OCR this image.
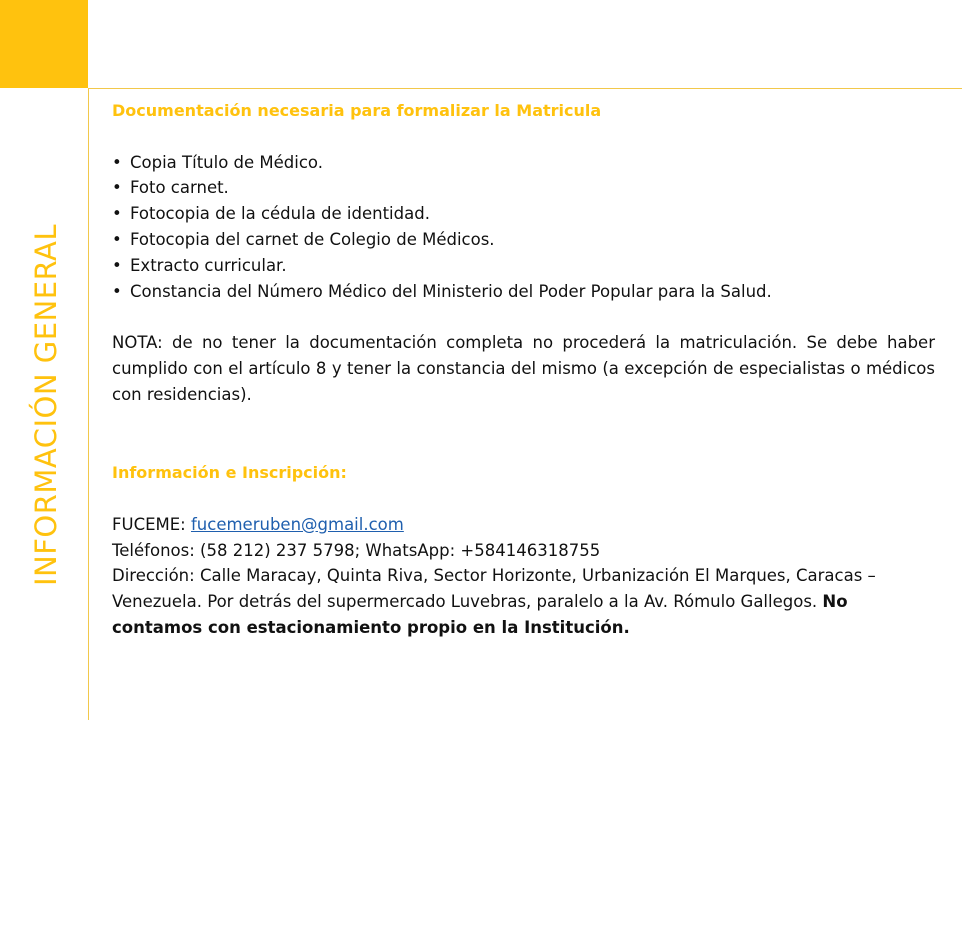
INFORMACIÓN GENERAL

Documentación necesaria para formalizar la Matricula

• Copia Título de Médico.
• Foto carnet.
• Fotocopia de la cédula de identidad.
• Fotocopia del carnet de Colegio de Médicos.
• Extracto curricular.
• Constancia del Número Médico del Ministerio del Poder Popular para la Salud.

NOTA: de no tener la documentación completa no procederá la matriculación. Se debe haber cumplido con el artículo 8 y tener la constancia del mismo (a excepción de especialistas o médicos con residencias).

Información e Inscripción:

FUCEME: fucemeruben@gmail.com

Teléfonos: (58 212) 237 5798; WhatsApp: +584146318755

Dirección: Calle Maracay, Quinta Riva, Sector Horizonte, Urbanización El Marques, Caracas – Venezuela. Por detrás del supermercado Luvebras, paralelo a la Av. Rómulo Gallegos. No contamos con estacionamiento propio en la Institución.
